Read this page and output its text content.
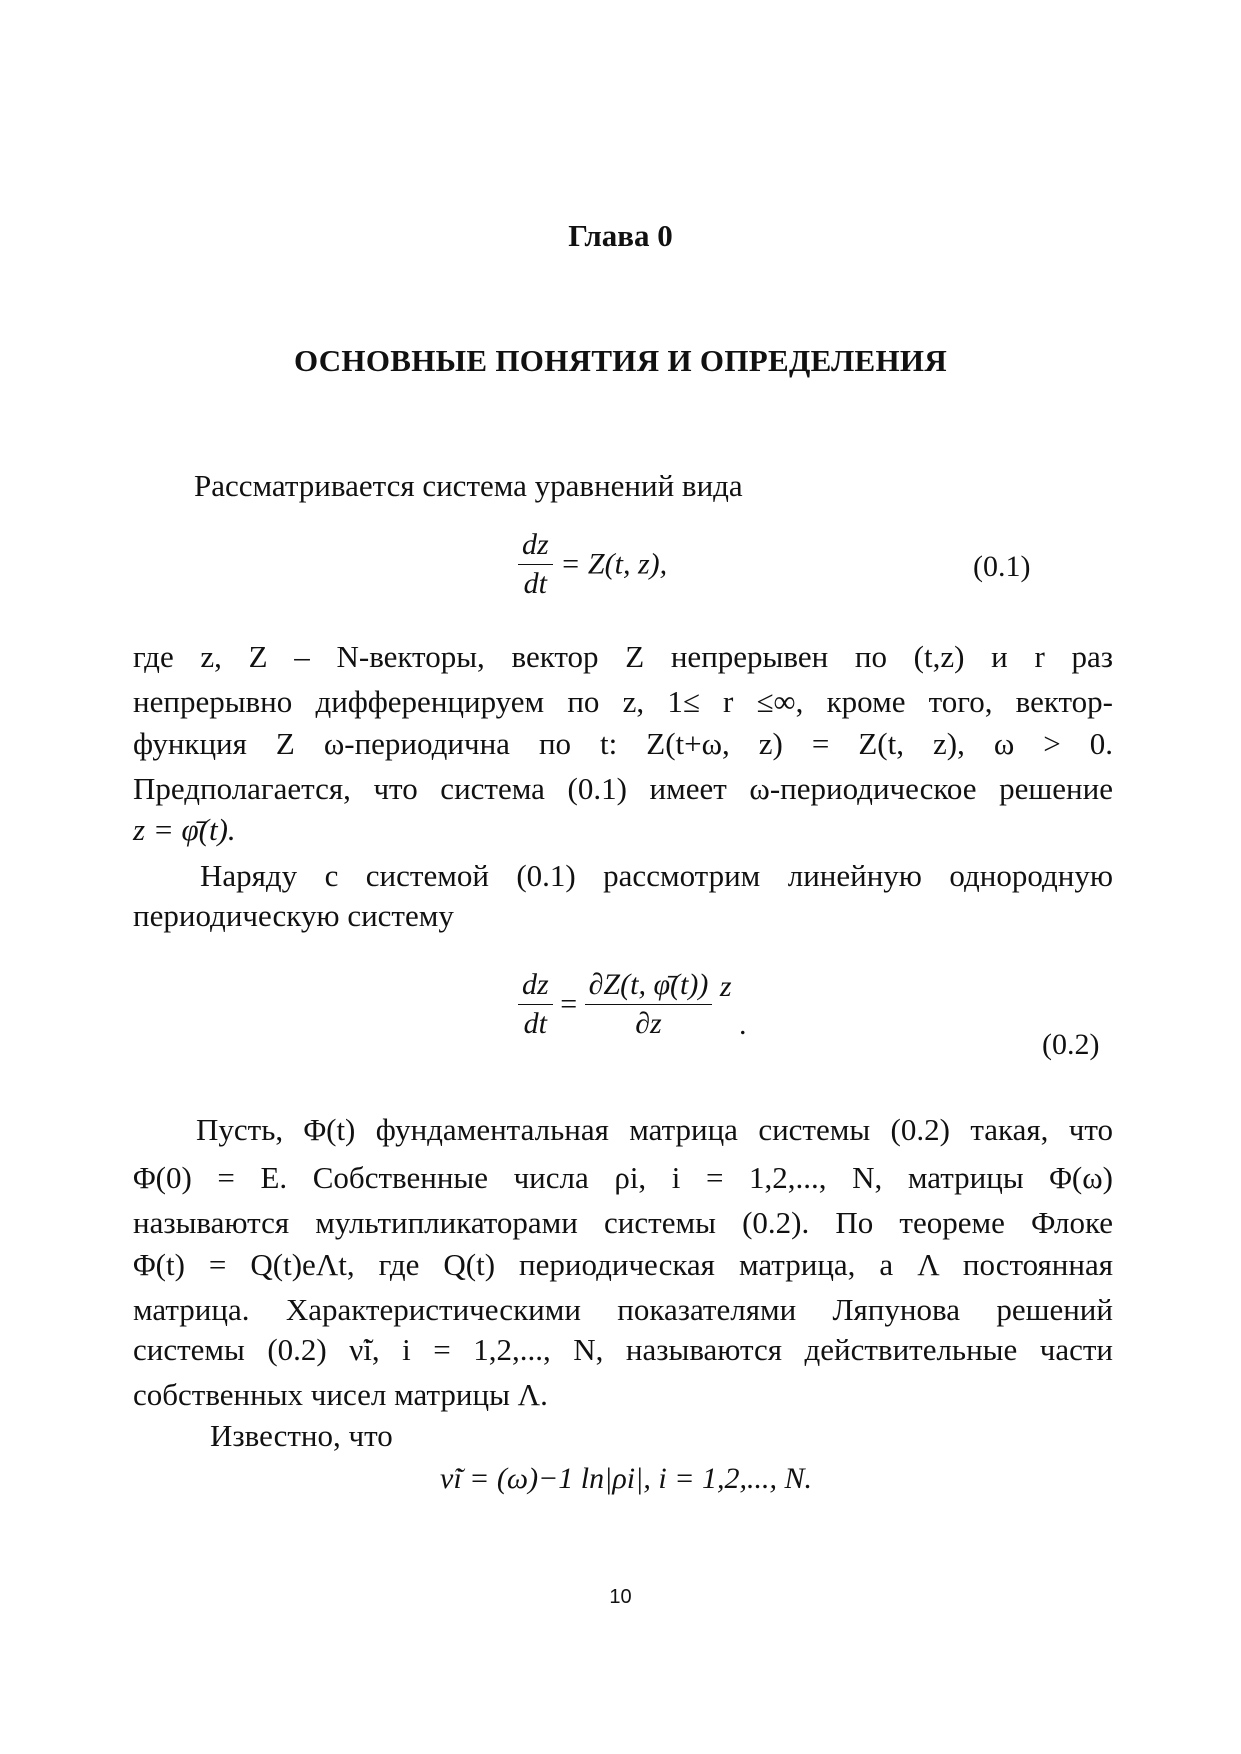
Глава 0
ОСНОВНЫЕ ПОНЯТИЯ И ОПРЕДЕЛЕНИЯ
Рассматривается система уравнений вида
$\frac{dz}{dt} = Z(t$, z),	(0.1)
где z, Z – N-векторы, вектор Z непрерывен по (t,z) и r раз
непрерывно дифференцируем по z, 1≤ r ≤∞, кроме того, вектор-
функция Z ω-периодична по t: Z(t+ω, z) = Z(t, z), ω > 0.
Предполагается, что система (0.1) имеет ω-периодическое решение
z = φ̄(t).
Наряду с системой (0.1) рассмотрим линейную однородную
периодическую систему
$\frac{dz}{dt} = \frac{\partial Z(t, \varphī(t))}{\partial z}$ z .
(0.2)
Пусть, Φ(t) фундаментальная матрица системы (0.2) такая, что
Φ(0) = E. Собственные числа ρi, i = 1,2,..., N, матрицы Φ(ω)
называются мультипликаторами системы (0.2). По теореме Флоке
Φ(t) = Q(t)eΛt, где Q(t) периодическая матрица, а Λ постоянная
матрица. Характеристическими показателями Ляпунова решений
системы (0.2) ν̃i, i = 1,2,..., N, называются действительные части
собственных чисел матрицы Λ.
Известно, что
ν̃i = (ω)−1 ln|ρi|, i = 1,2,..., N.
10
